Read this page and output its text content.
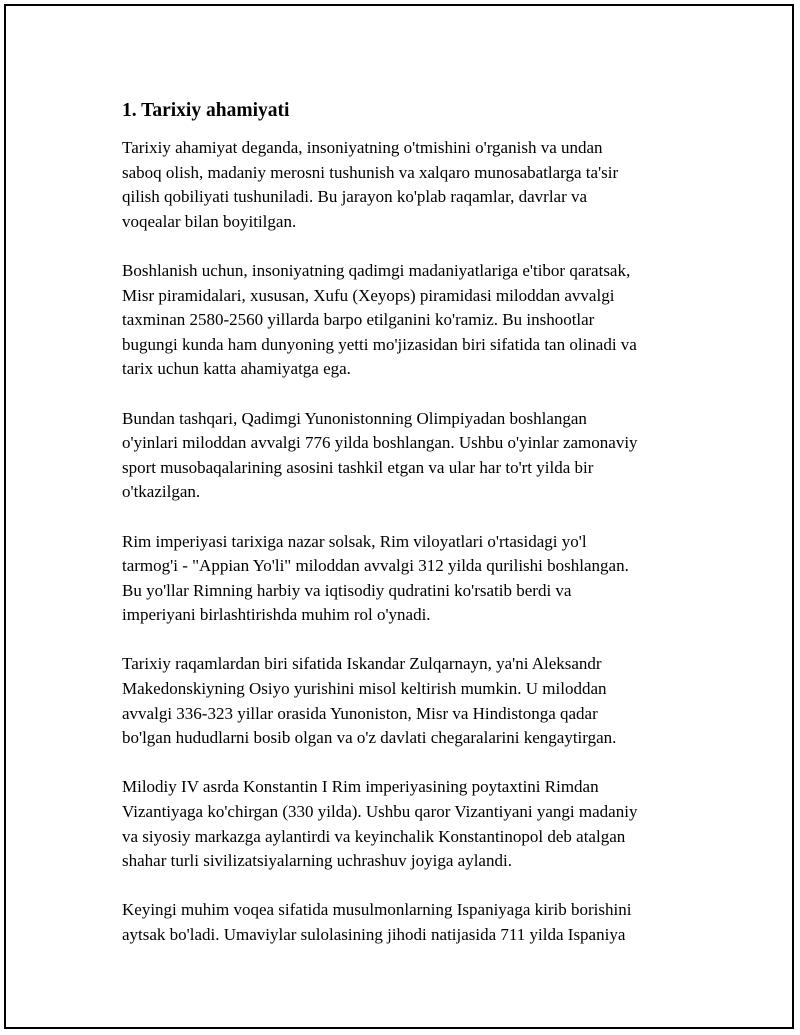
1. Tarixiy ahamiyati
Tarixiy ahamiyat deganda, insoniyatning o'tmishini o'rganish va undan
saboq olish, madaniy merosni tushunish va xalqaro munosabatlarga ta'sir
qilish qobiliyati tushuniladi. Bu jarayon ko'plab raqamlar, davrlar va
voqealar bilan boyitilgan.
Boshlanish uchun, insoniyatning qadimgi madaniyatlariga e'tibor qaratsak,
Misr piramidalari, xususan, Xufu (Xeyops) piramidasi miloddan avvalgi
taxminan 2580-2560 yillarda barpo etilganini ko'ramiz. Bu inshootlar
bugungi kunda ham dunyoning yetti mo'jizasidan biri sifatida tan olinadi va
tarix uchun katta ahamiyatga ega.
Bundan tashqari, Qadimgi Yunonistonning Olimpiyadan boshlangan
o'yinlari miloddan avvalgi 776 yilda boshlangan. Ushbu o'yinlar zamonaviy
sport musobaqalarining asosini tashkil etgan va ular har to'rt yilda bir
o'tkazilgan.
Rim imperiyasi tarixiga nazar solsak, Rim viloyatlari o'rtasidagi yo'l
tarmog'i - "Appian Yo'li" miloddan avvalgi 312 yilda qurilishi boshlangan.
Bu yo'llar Rimning harbiy va iqtisodiy qudratini ko'rsatib berdi va
imperiyani birlashtirishda muhim rol o'ynadi.
Tarixiy raqamlardan biri sifatida Iskandar Zulqarnayn, ya'ni Aleksandr
Makedonskiyning Osiyo yurishini misol keltirish mumkin. U miloddan
avvalgi 336-323 yillar orasida Yunoniston, Misr va Hindistonga qadar
bo'lgan hududlarni bosib olgan va o'z davlati chegaralarini kengaytirgan.
Milodiy IV asrda Konstantin I Rim imperiyasining poytaxtini Rimdan
Vizantiyaga ko'chirgan (330 yilda). Ushbu qaror Vizantiyani yangi madaniy
va siyosiy markazga aylantirdi va keyinchalik Konstantinopol deb atalgan
shahar turli sivilizatsiyalarning uchrashuv joyiga aylandi.
Keyingi muhim voqea sifatida musulmonlarning Ispaniyaga kirib borishini
aytsak bo'ladi. Umaviylar sulolasining jihodi natijasida 711 yilda Ispaniya
